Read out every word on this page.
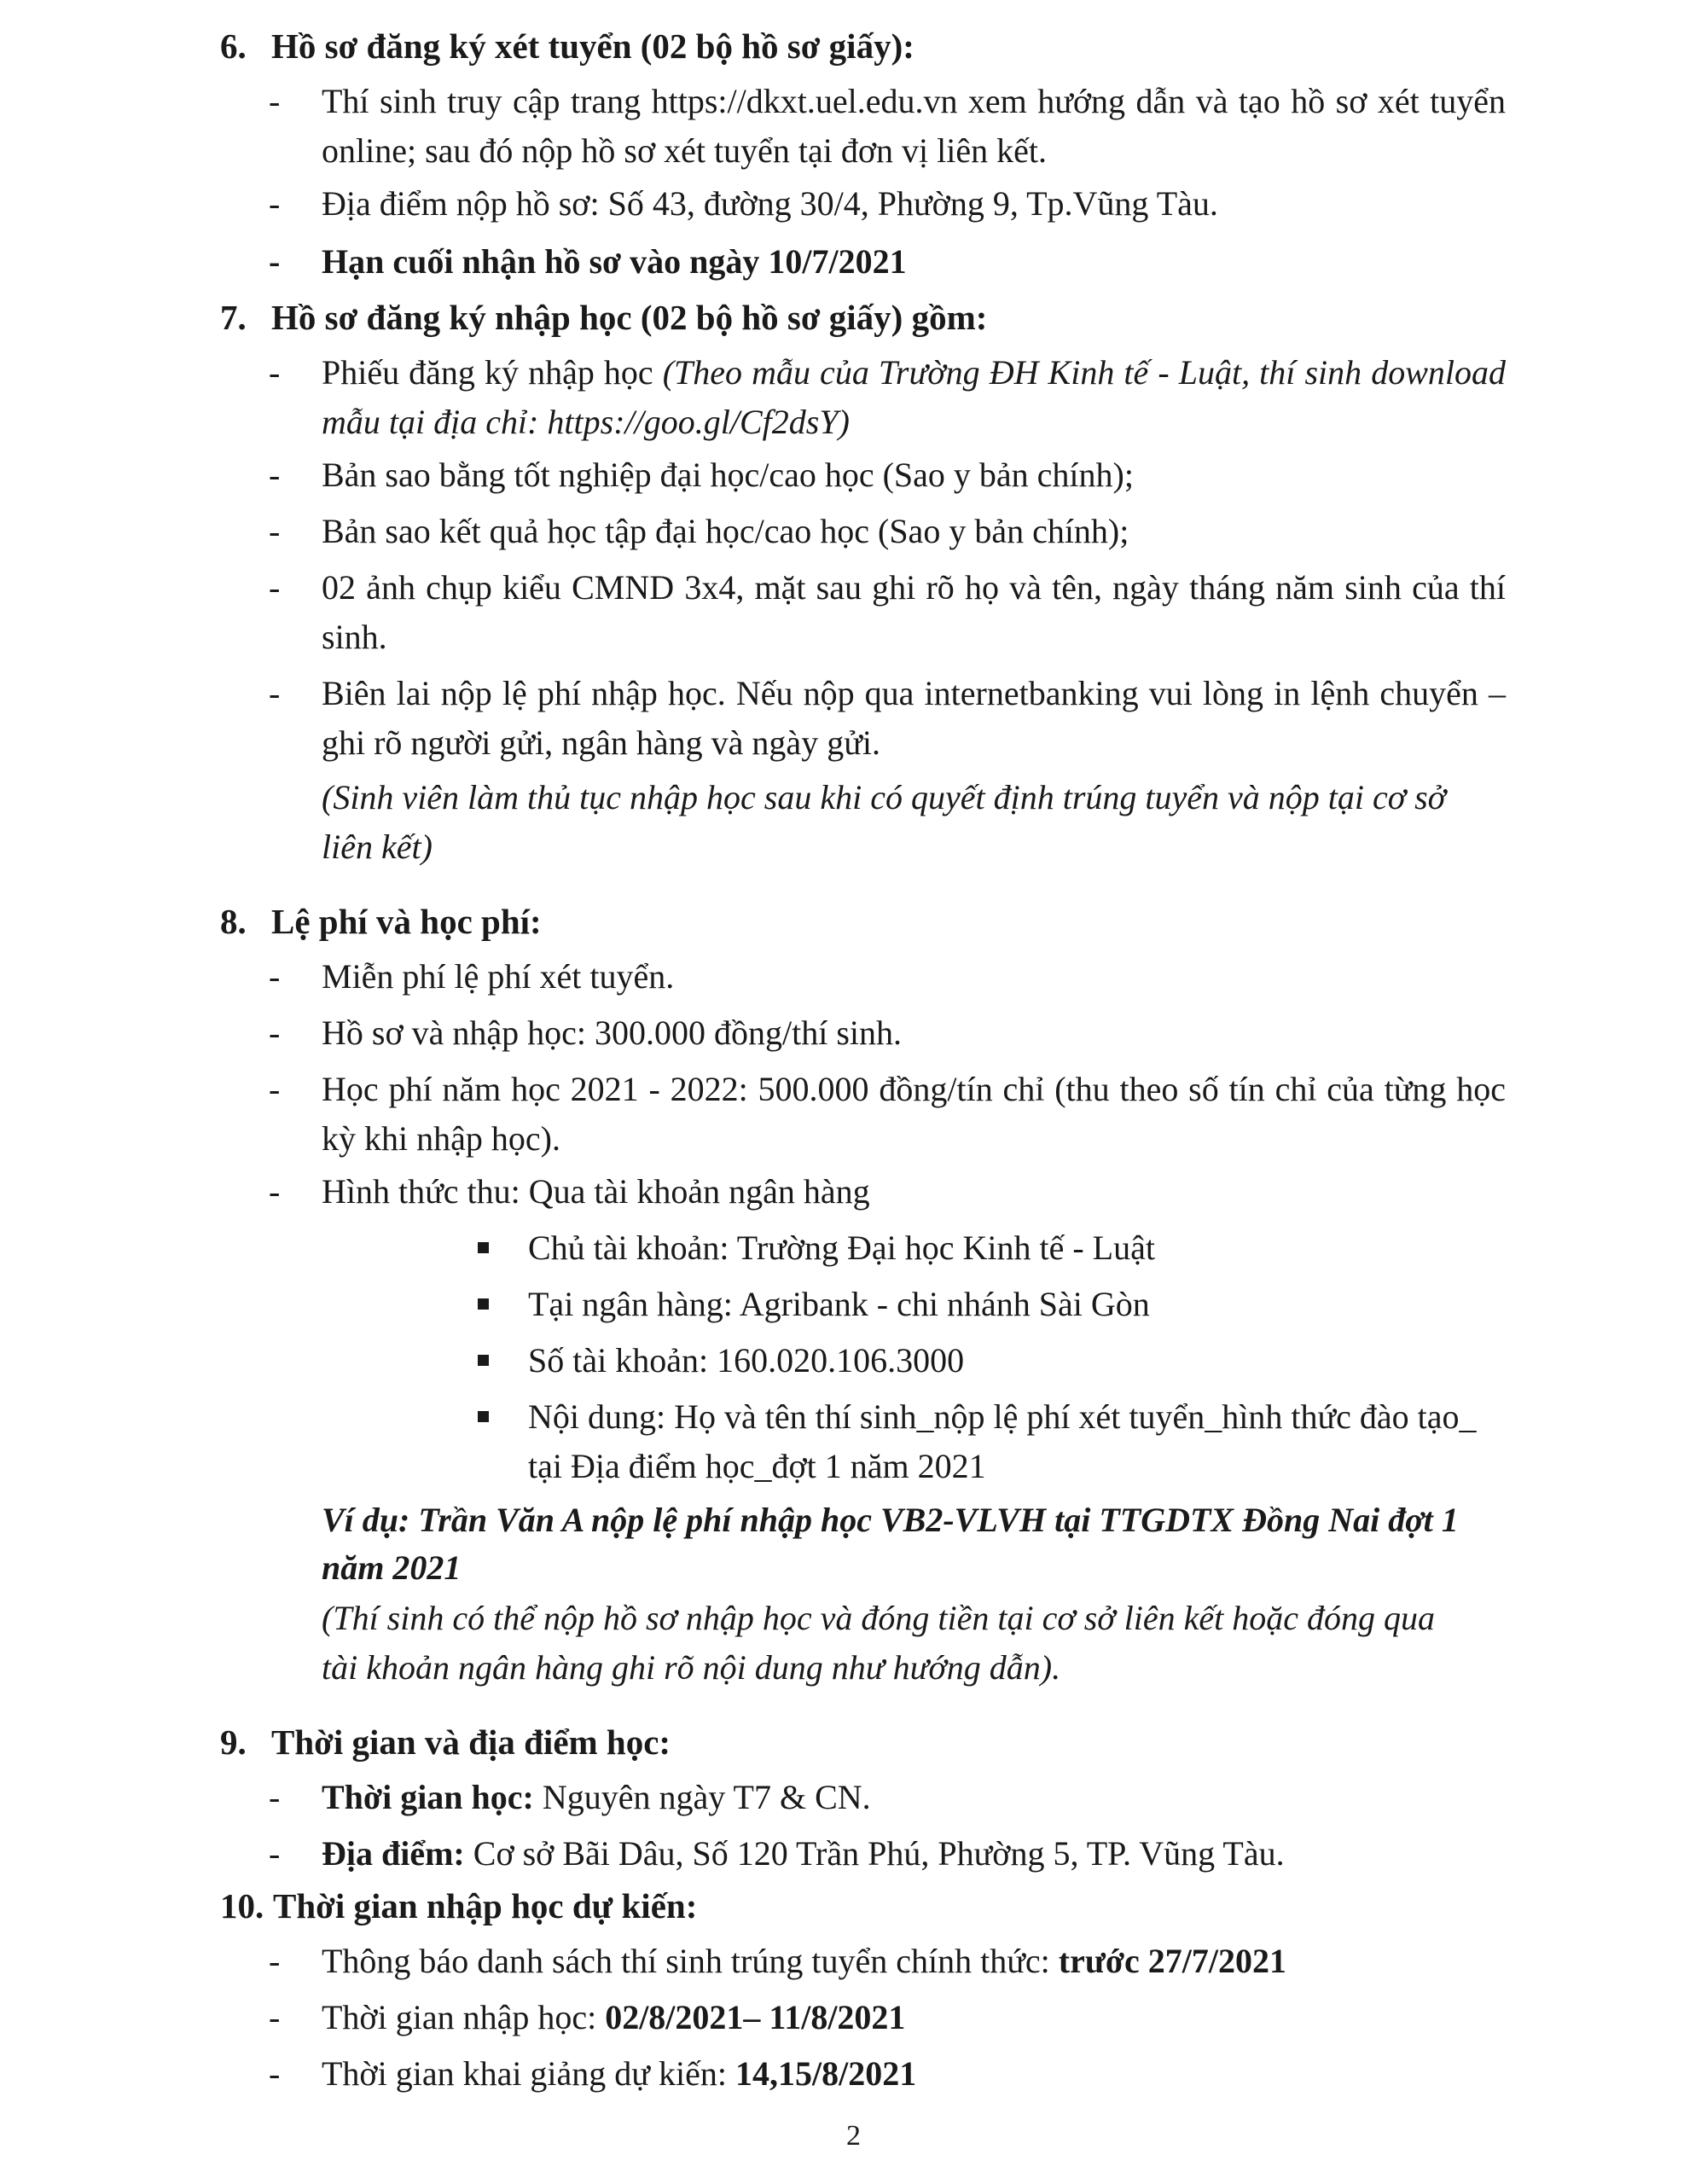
6. Hồ sơ đăng ký xét tuyển (02 bộ hồ sơ giấy):
- Thí sinh truy cập trang https://dkxt.uel.edu.vn xem hướng dẫn và tạo hồ sơ xét tuyển online; sau đó nộp hồ sơ xét tuyển tại đơn vị liên kết.
- Địa điểm nộp hồ sơ: Số 43, đường 30/4, Phường 9, Tp.Vũng Tàu.
- Hạn cuối nhận hồ sơ vào ngày 10/7/2021
7. Hồ sơ đăng ký nhập học (02 bộ hồ sơ giấy) gồm:
- Phiếu đăng ký nhập học (Theo mẫu của Trường ĐH Kinh tế - Luật, thí sinh download mẫu tại địa chỉ: https://goo.gl/Cf2dsY)
- Bản sao bằng tốt nghiệp đại học/cao học (Sao y bản chính);
- Bản sao kết quả học tập đại học/cao học (Sao y bản chính);
- 02 ảnh chụp kiểu CMND 3x4, mặt sau ghi rõ họ và tên, ngày tháng năm sinh của thí sinh.
- Biên lai nộp lệ phí nhập học. Nếu nộp qua internetbanking vui lòng in lệnh chuyển – ghi rõ người gửi, ngân hàng và ngày gửi.
(Sinh viên làm thủ tục nhập học sau khi có quyết định trúng tuyển và nộp tại cơ sở liên kết)
8. Lệ phí và học phí:
- Miễn phí lệ phí xét tuyển.
- Hồ sơ và nhập học: 300.000 đồng/thí sinh.
- Học phí năm học 2021 - 2022: 500.000 đồng/tín chỉ (thu theo số tín chỉ của từng học kỳ khi nhập học).
- Hình thức thu: Qua tài khoản ngân hàng
Chủ tài khoản: Trường Đại học Kinh tế - Luật
Tại ngân hàng: Agribank - chi nhánh Sài Gòn
Số tài khoản: 160.020.106.3000
Nội dung: Họ và tên thí sinh_nộp lệ phí xét tuyển_hình thức đào tạo_ tại Địa điểm học_đợt 1 năm 2021
Ví dụ: Trần Văn A nộp lệ phí nhập học VB2-VLVH tại TTGDTX Đồng Nai đợt 1 năm 2021
(Thí sinh có thể nộp hồ sơ nhập học và đóng tiền tại cơ sở liên kết hoặc đóng qua tài khoản ngân hàng ghi rõ nội dung như hướng dẫn).
9. Thời gian và địa điểm học:
- Thời gian học: Nguyên ngày T7 & CN.
- Địa điểm: Cơ sở Bãi Dâu, Số 120 Trần Phú, Phường 5, TP. Vũng Tàu.
10. Thời gian nhập học dự kiến:
- Thông báo danh sách thí sinh trúng tuyển chính thức: trước 27/7/2021
- Thời gian nhập học: 02/8/2021– 11/8/2021
- Thời gian khai giảng dự kiến: 14,15/8/2021
2
